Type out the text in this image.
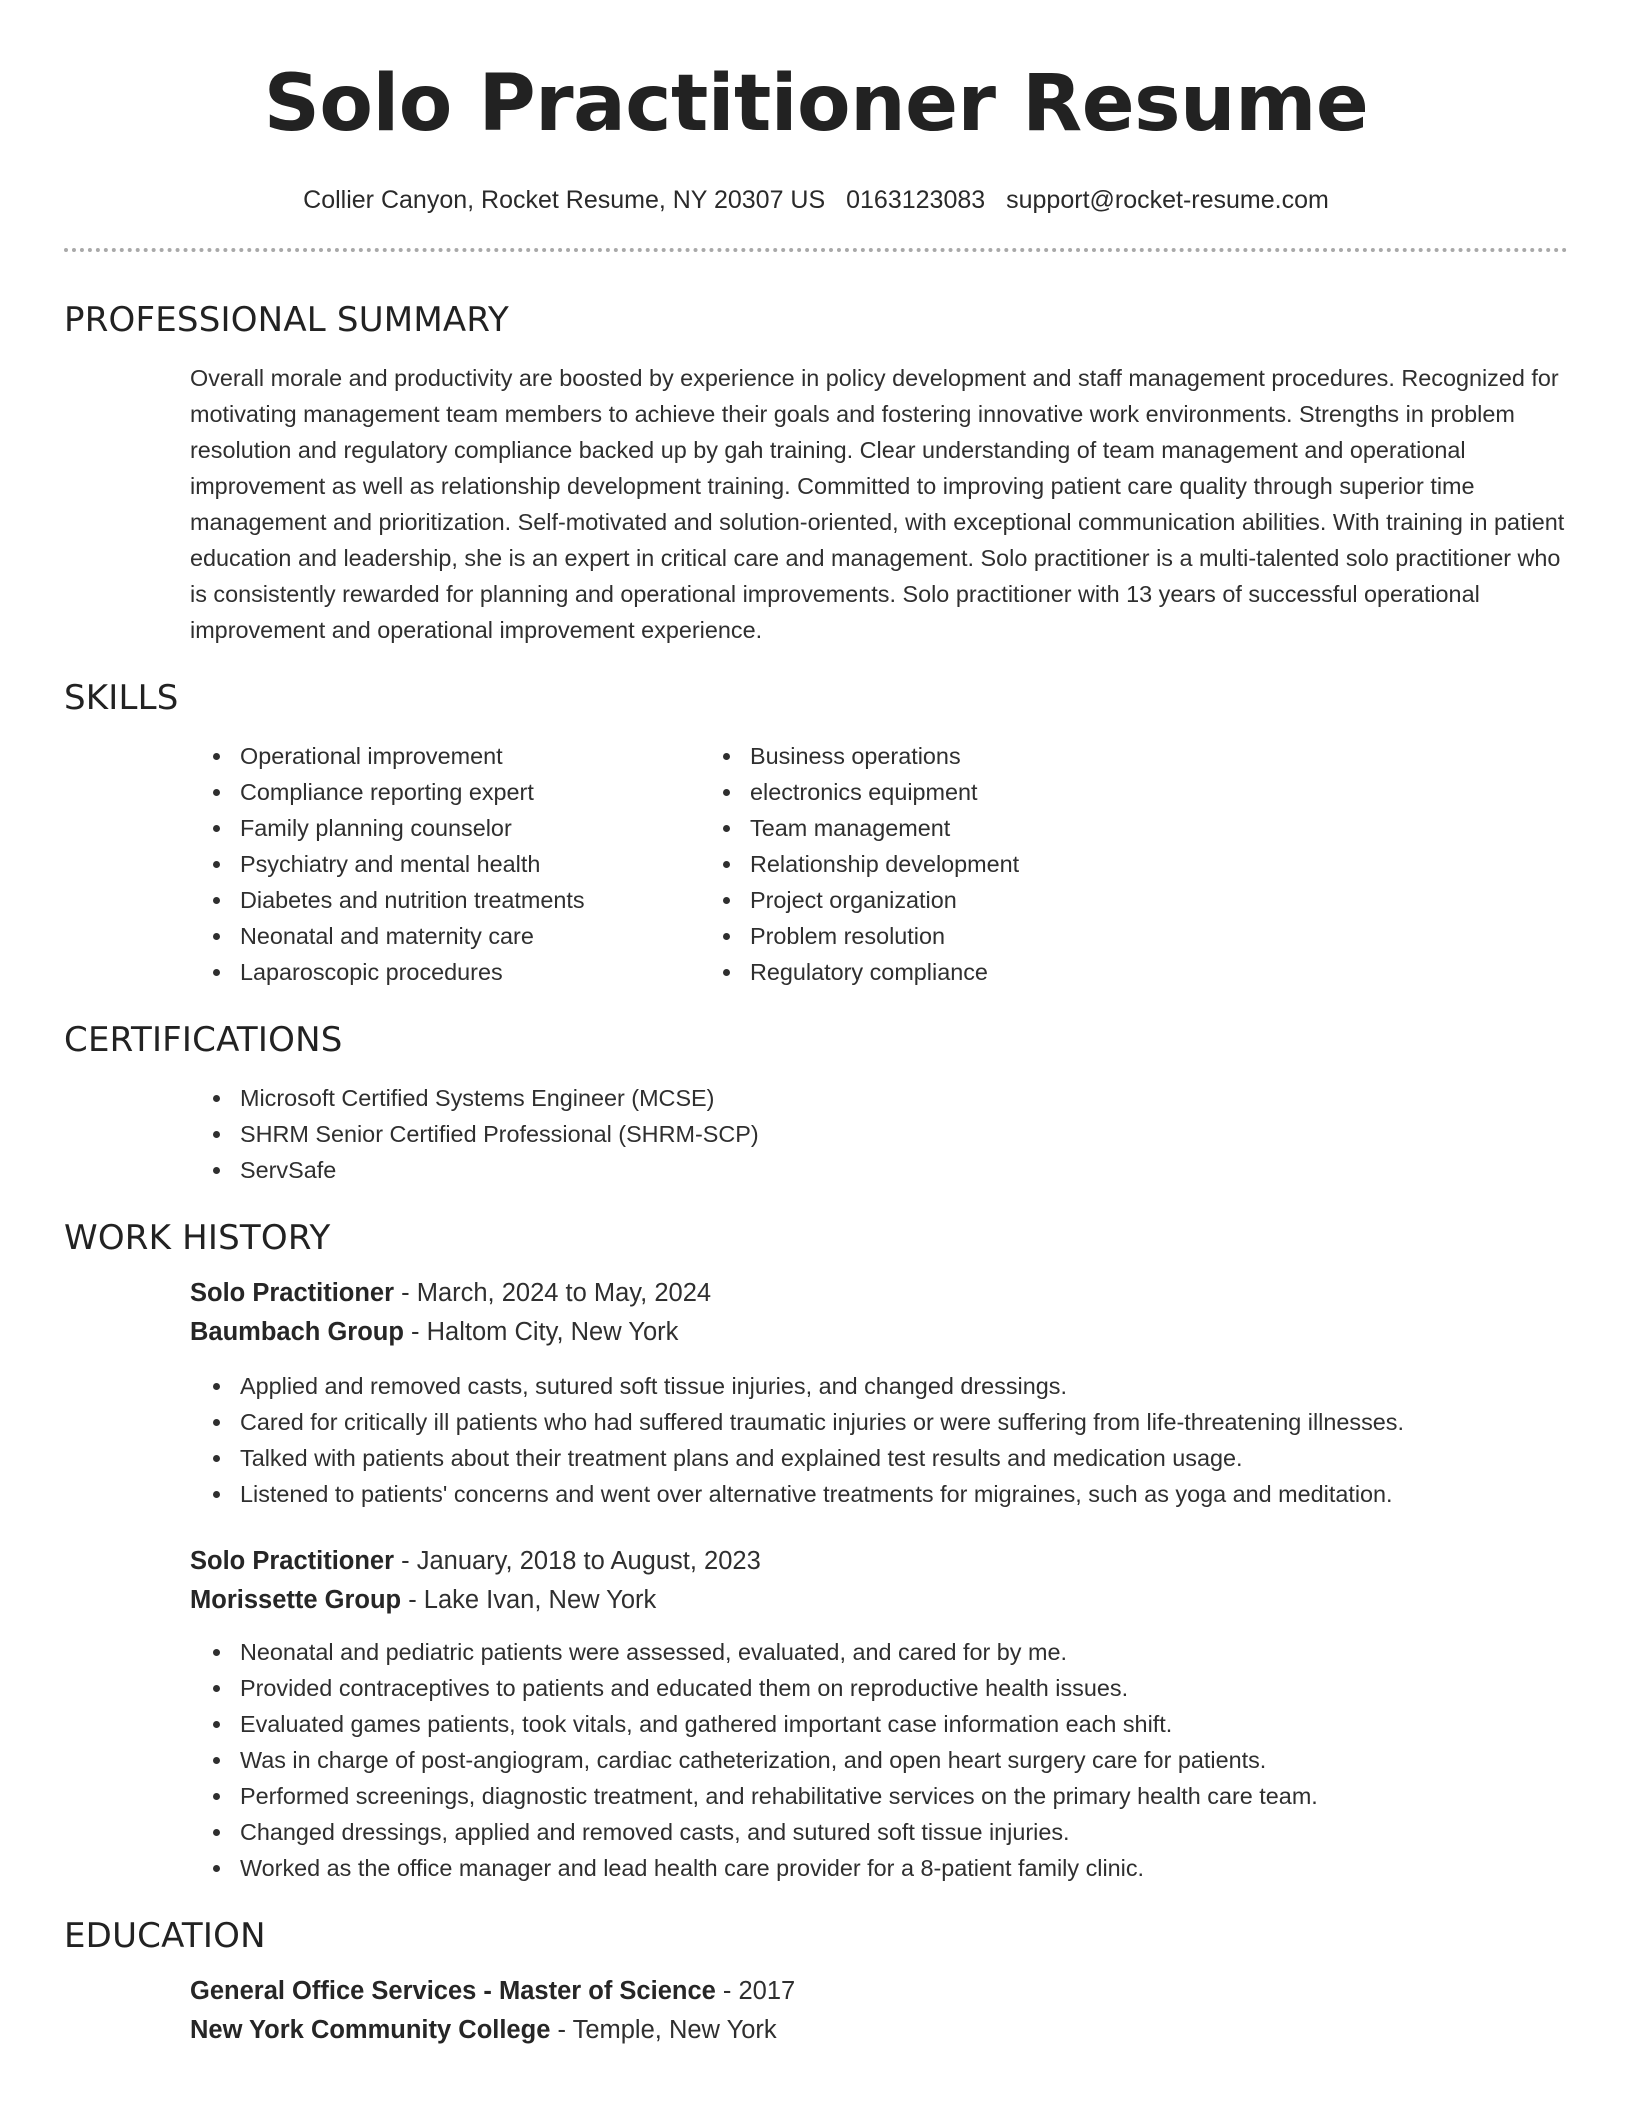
Solo Practitioner Resume
Collier Canyon, Rocket Resume, NY 20307 US 0163123083 support@rocket-resume.com
PROFESSIONAL SUMMARY
Overall morale and productivity are boosted by experience in policy development and staff management procedures. Recognized for motivating management team members to achieve their goals and fostering innovative work environments. Strengths in problem resolution and regulatory compliance backed up by gah training. Clear understanding of team management and operational improvement as well as relationship development training. Committed to improving patient care quality through superior time management and prioritization. Self-motivated and solution-oriented, with exceptional communication abilities. With training in patient education and leadership, she is an expert in critical care and management. Solo practitioner is a multi-talented solo practitioner who is consistently rewarded for planning and operational improvements. Solo practitioner with 13 years of successful operational improvement and operational improvement experience.
SKILLS
• Operational improvement
• Compliance reporting expert
• Family planning counselor
• Psychiatry and mental health
• Diabetes and nutrition treatments
• Neonatal and maternity care
• Laparoscopic procedures
• Business operations
• electronics equipment
• Team management
• Relationship development
• Project organization
• Problem resolution
• Regulatory compliance
CERTIFICATIONS
• Microsoft Certified Systems Engineer (MCSE)
• SHRM Senior Certified Professional (SHRM-SCP)
• ServSafe
WORK HISTORY
Solo Practitioner - March, 2024 to May, 2024
Baumbach Group - Haltom City, New York
• Applied and removed casts, sutured soft tissue injuries, and changed dressings.
• Cared for critically ill patients who had suffered traumatic injuries or were suffering from life-threatening illnesses.
• Talked with patients about their treatment plans and explained test results and medication usage.
• Listened to patients' concerns and went over alternative treatments for migraines, such as yoga and meditation.
Solo Practitioner - January, 2018 to August, 2023
Morissette Group - Lake Ivan, New York
• Neonatal and pediatric patients were assessed, evaluated, and cared for by me.
• Provided contraceptives to patients and educated them on reproductive health issues.
• Evaluated games patients, took vitals, and gathered important case information each shift.
• Was in charge of post-angiogram, cardiac catheterization, and open heart surgery care for patients.
• Performed screenings, diagnostic treatment, and rehabilitative services on the primary health care team.
• Changed dressings, applied and removed casts, and sutured soft tissue injuries.
• Worked as the office manager and lead health care provider for a 8-patient family clinic.
EDUCATION
General Office Services - Master of Science - 2017
New York Community College - Temple, New York
